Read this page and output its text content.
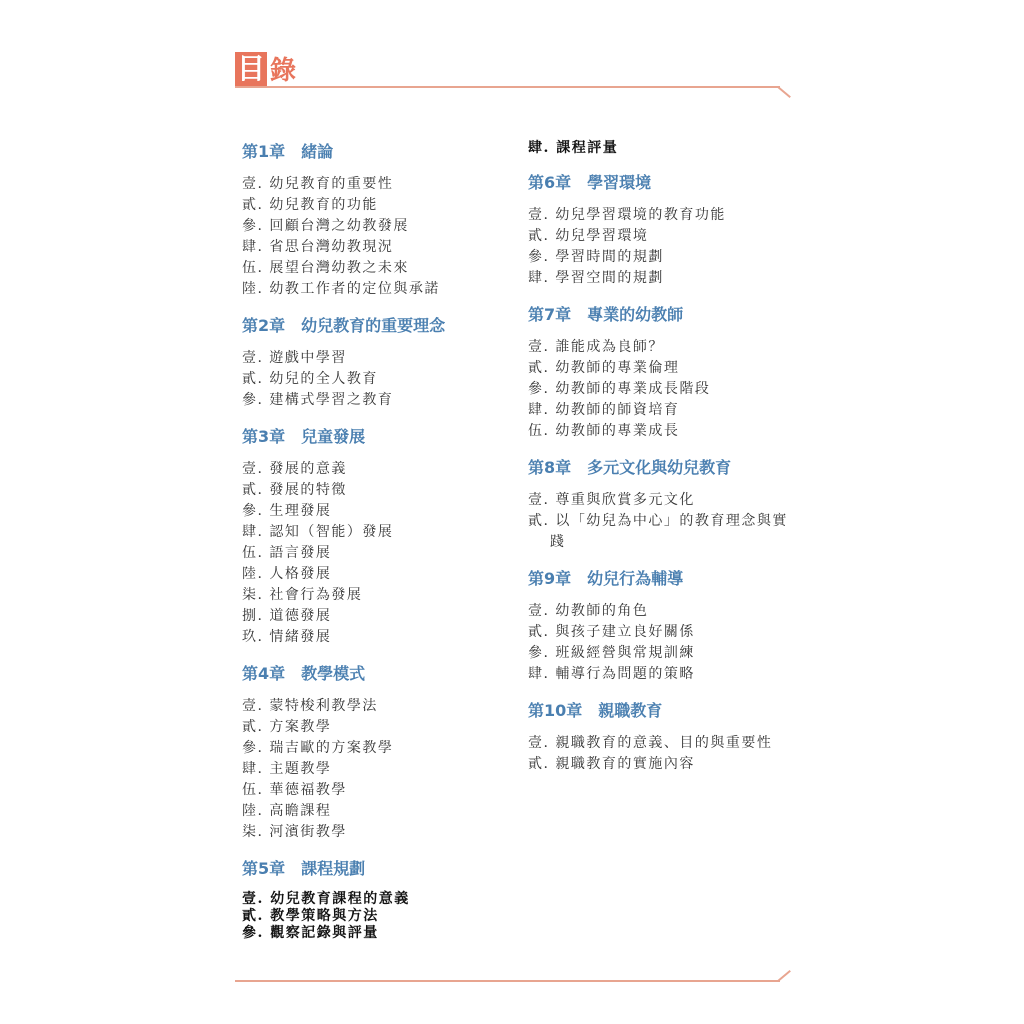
目 錄
第1章　緒論
壹. 幼兒教育的重要性
貳. 幼兒教育的功能
參. 回顧台灣之幼教發展
肆. 省思台灣幼教現況
伍. 展望台灣幼教之未來
陸. 幼教工作者的定位與承諾
第2章　幼兒教育的重要理念
壹. 遊戲中學習
貳. 幼兒的全人教育
參. 建構式學習之教育
第3章　兒童發展
壹. 發展的意義
貳. 發展的特徵
參. 生理發展
肆. 認知（智能）發展
伍. 語言發展
陸. 人格發展
柒. 社會行為發展
捌. 道德發展
玖. 情緒發展
第4章　教學模式
壹. 蒙特梭利教學法
貳. 方案教學
參. 瑞吉歐的方案教學
肆. 主題教學
伍. 華德福教學
陸. 高瞻課程
柒. 河濱街教學
第5章　課程規劃
壹. 幼兒教育課程的意義
貳. 教學策略與方法
參. 觀察記錄與評量
肆. 課程評量
第6章　學習環境
壹. 幼兒學習環境的教育功能
貳. 幼兒學習環境
參. 學習時間的規劃
肆. 學習空間的規劃
第7章　專業的幼教師
壹. 誰能成為良師？
貳. 幼教師的專業倫理
參. 幼教師的專業成長階段
肆. 幼教師的師資培育
伍. 幼教師的專業成長
第8章　多元文化與幼兒教育
壹. 尊重與欣賞多元文化
貳. 以「幼兒為中心」的教育理念與實
踐
第9章　幼兒行為輔導
壹. 幼教師的角色
貳. 與孩子建立良好關係
參. 班級經營與常規訓練
肆. 輔導行為問題的策略
第10章　親職教育
壹. 親職教育的意義、目的與重要性
貳. 親職教育的實施內容
